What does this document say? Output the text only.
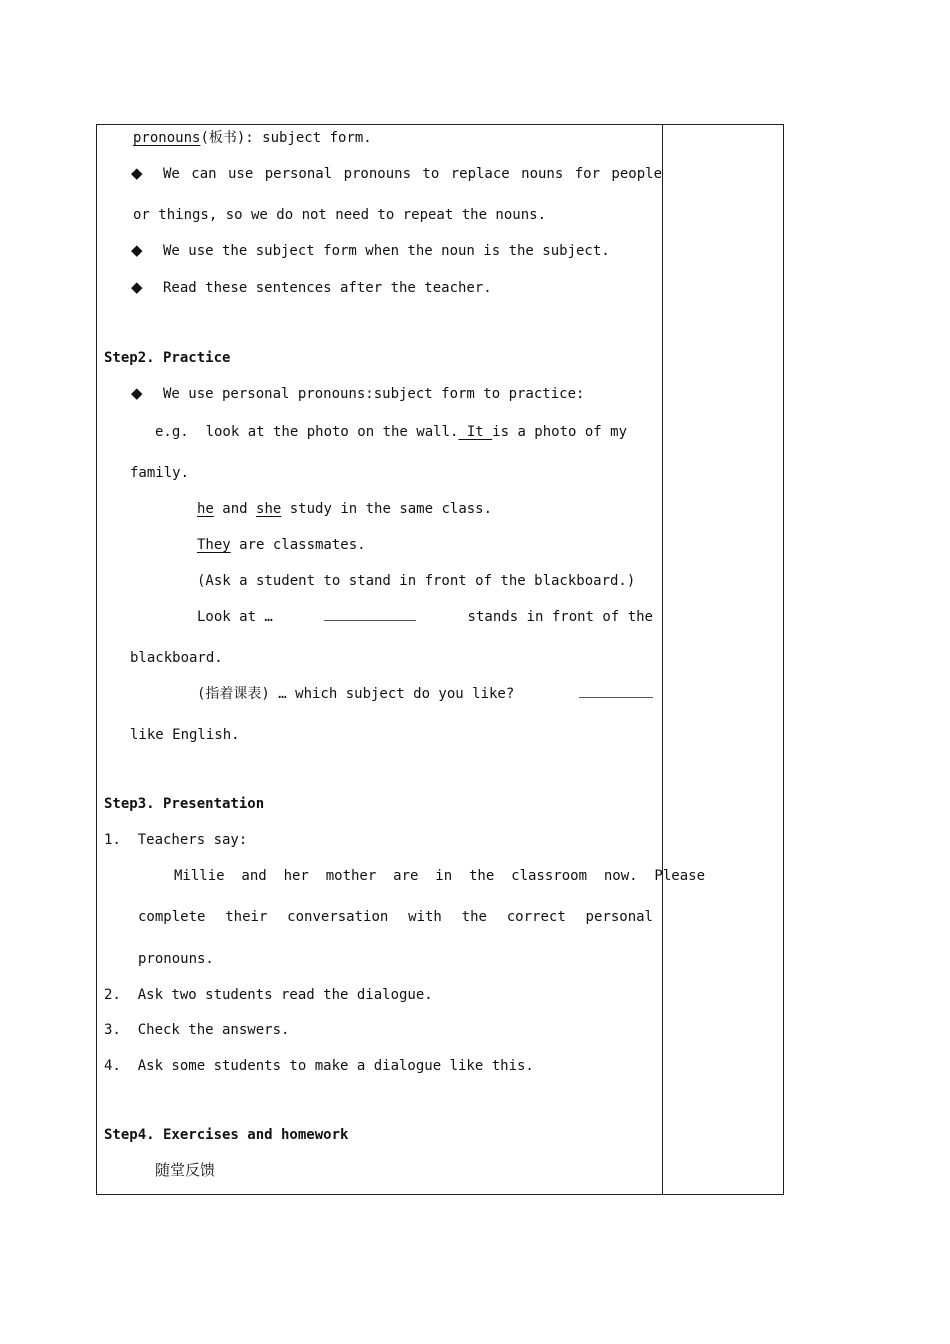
pronouns(板书): subject form.
◆ We can use personal pronouns to replace nouns for people
or things, so we do not need to repeat the nouns.
◆ We use the subject form when the noun is the subject.
◆ Read these sentences after the teacher.
Step2. Practice
◆ We use personal pronouns:subject form to practice:
e.g.  look at the photo on the wall. It is a photo of my
family.
he and she study in the same class.
They are classmates.
(Ask a student to stand in front of the blackboard.)
Look at …	stands in front of the
blackboard.
(指着课表) … which subject do you like?
like English.
Step3. Presentation
1.  Teachers say:
Millie  and  her  mother  are  in  the  classroom  now.  Please
complete their conversation with the correct personal
pronouns.
2.  Ask two students read the dialogue.
3.  Check the answers.
4.  Ask some students to make a dialogue like this.
Step4. Exercises and homework
随堂反馈
